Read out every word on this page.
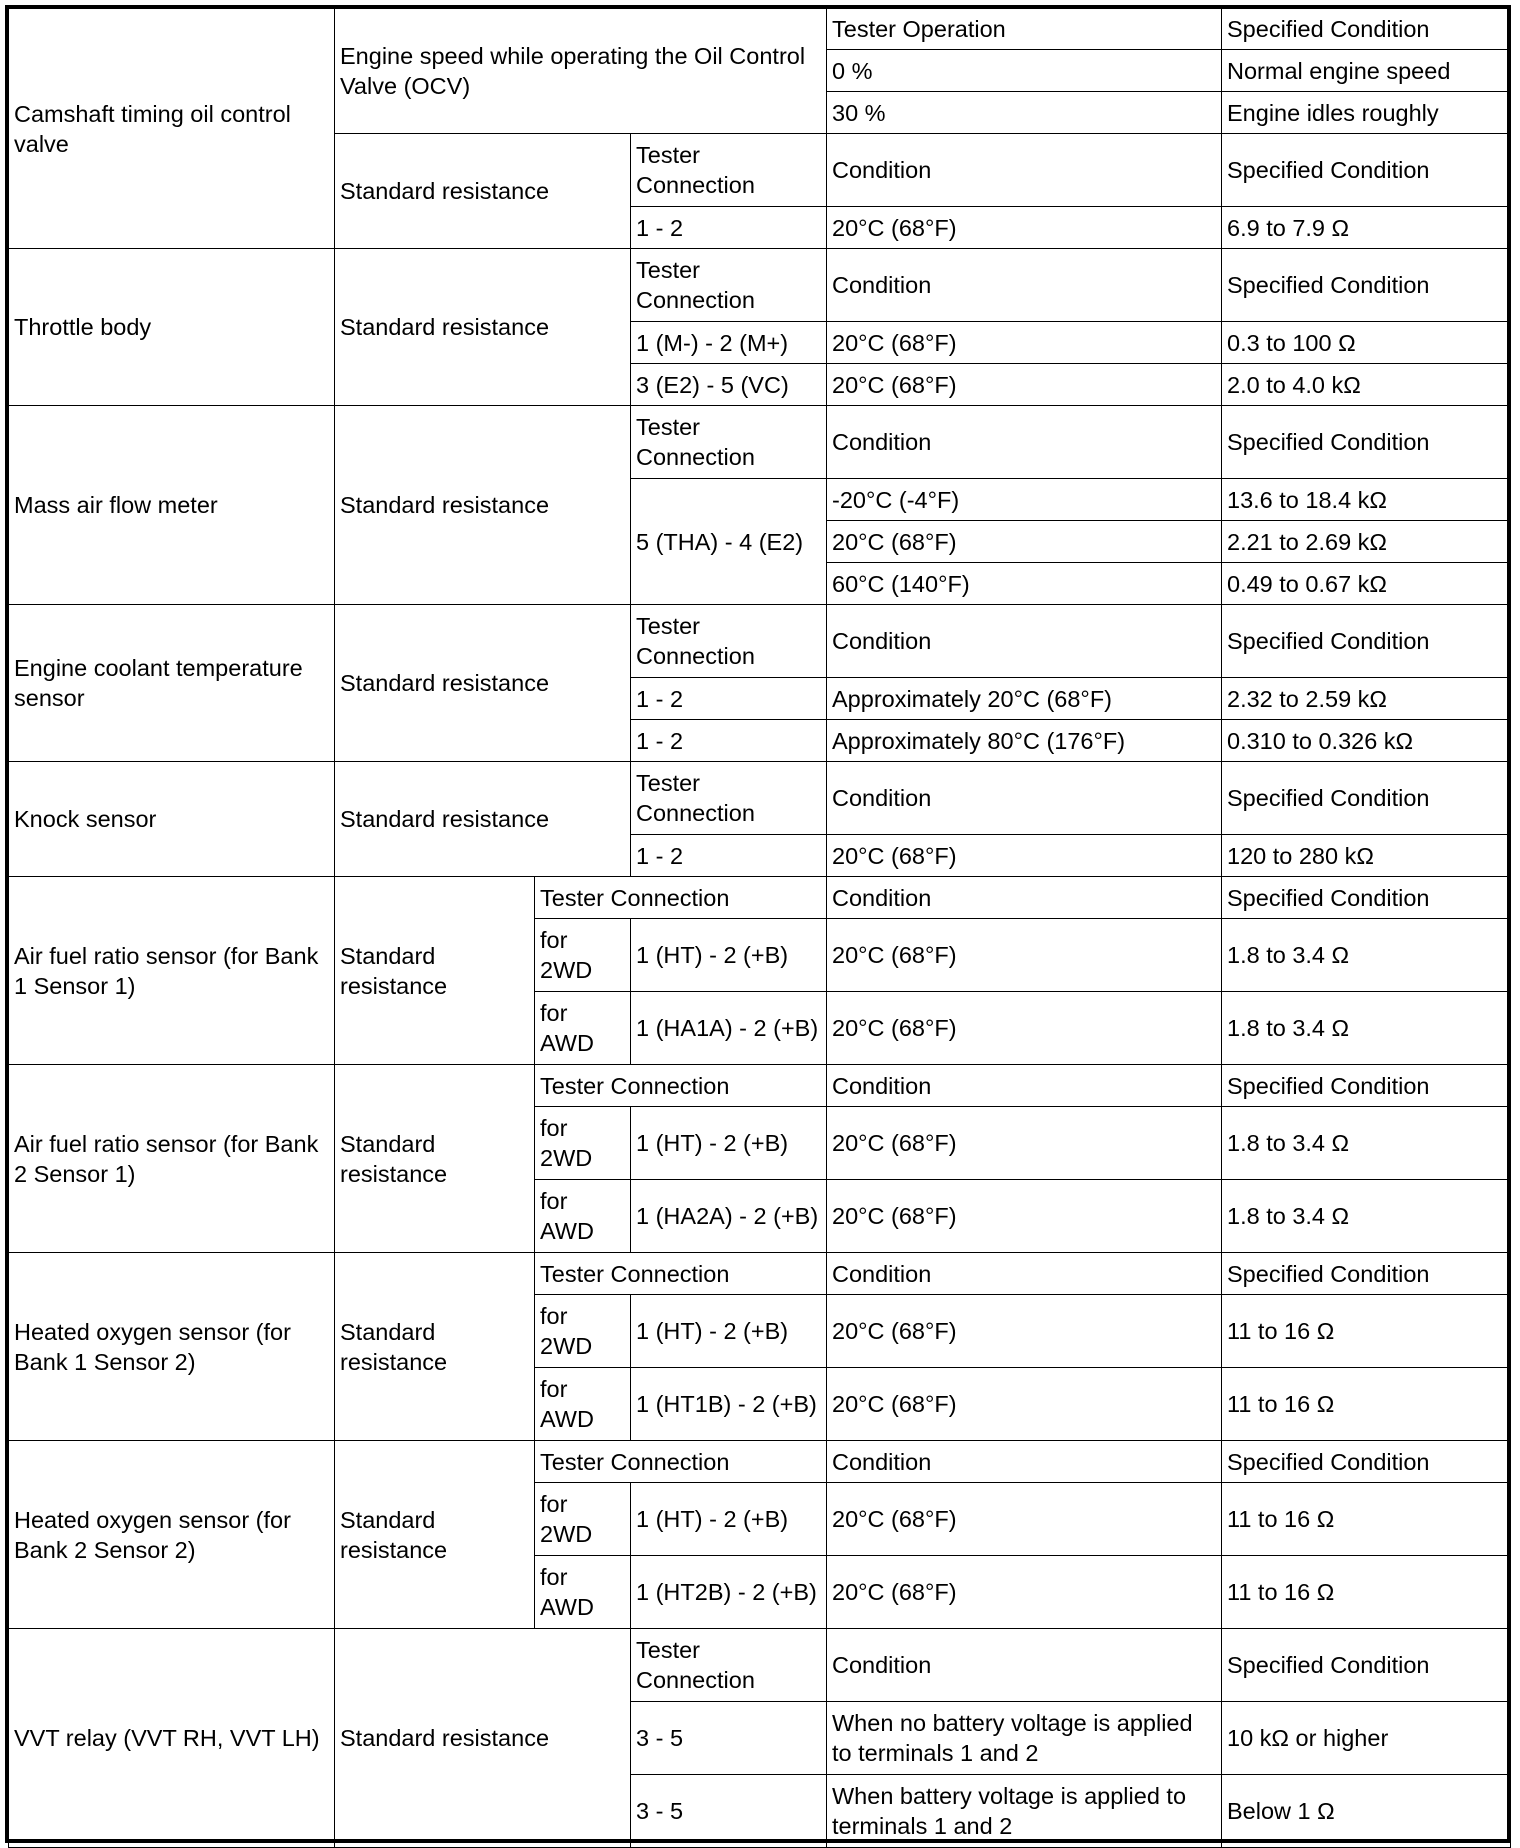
Camshaft timing oil control valve	Engine speed while operating the Oil Control Valve (OCV)			Tester Operation	Specified Condition
				0 %	Normal engine speed
				30 %	Engine idles roughly
	Standard resistance		Tester Connection	Condition	Specified Condition
			1 - 2	20°C (68°F)	6.9 to 7.9 Ω
Throttle body	Standard resistance		Tester Connection	Condition	Specified Condition
			1 (M-) - 2 (M+)	20°C (68°F)	0.3 to 100 Ω
			3 (E2) - 5 (VC)	20°C (68°F)	2.0 to 4.0 kΩ
Mass air flow meter	Standard resistance		Tester Connection	Condition	Specified Condition
			5 (THA) - 4 (E2)	-20°C (-4°F)	13.6 to 18.4 kΩ
				20°C (68°F)	2.21 to 2.69 kΩ
				60°C (140°F)	0.49 to 0.67 kΩ
Engine coolant temperature sensor	Standard resistance		Tester Connection	Condition	Specified Condition
			1 - 2	Approximately 20°C (68°F)	2.32 to 2.59 kΩ
			1 - 2	Approximately 80°C (176°F)	0.310 to 0.326 kΩ
Knock sensor	Standard resistance		Tester Connection	Condition	Specified Condition
			1 - 2	20°C (68°F)	120 to 280 kΩ
Air fuel ratio sensor (for Bank 1 Sensor 1)	Standard resistance	Tester Connection		Condition	Specified Condition
		for 2WD	1 (HT) - 2 (+B)	20°C (68°F)	1.8 to 3.4 Ω
		for AWD	1 (HA1A) - 2 (+B)	20°C (68°F)	1.8 to 3.4 Ω
Air fuel ratio sensor (for Bank 2 Sensor 1)	Standard resistance	Tester Connection		Condition	Specified Condition
		for 2WD	1 (HT) - 2 (+B)	20°C (68°F)	1.8 to 3.4 Ω
		for AWD	1 (HA2A) - 2 (+B)	20°C (68°F)	1.8 to 3.4 Ω
Heated oxygen sensor (for Bank 1 Sensor 2)	Standard resistance	Tester Connection		Condition	Specified Condition
		for 2WD	1 (HT) - 2 (+B)	20°C (68°F)	11 to 16 Ω
		for AWD	1 (HT1B) - 2 (+B)	20°C (68°F)	11 to 16 Ω
Heated oxygen sensor (for Bank 2 Sensor 2)	Standard resistance	Tester Connection		Condition	Specified Condition
		for 2WD	1 (HT) - 2 (+B)	20°C (68°F)	11 to 16 Ω
		for AWD	1 (HT2B) - 2 (+B)	20°C (68°F)	11 to 16 Ω
VVT relay (VVT RH, VVT LH)	Standard resistance		Tester Connection	Condition	Specified Condition
			3 - 5	When no battery voltage is applied to terminals 1 and 2	10 kΩ or higher
			3 - 5	When battery voltage is applied to terminals 1 and 2	Below 1 Ω
